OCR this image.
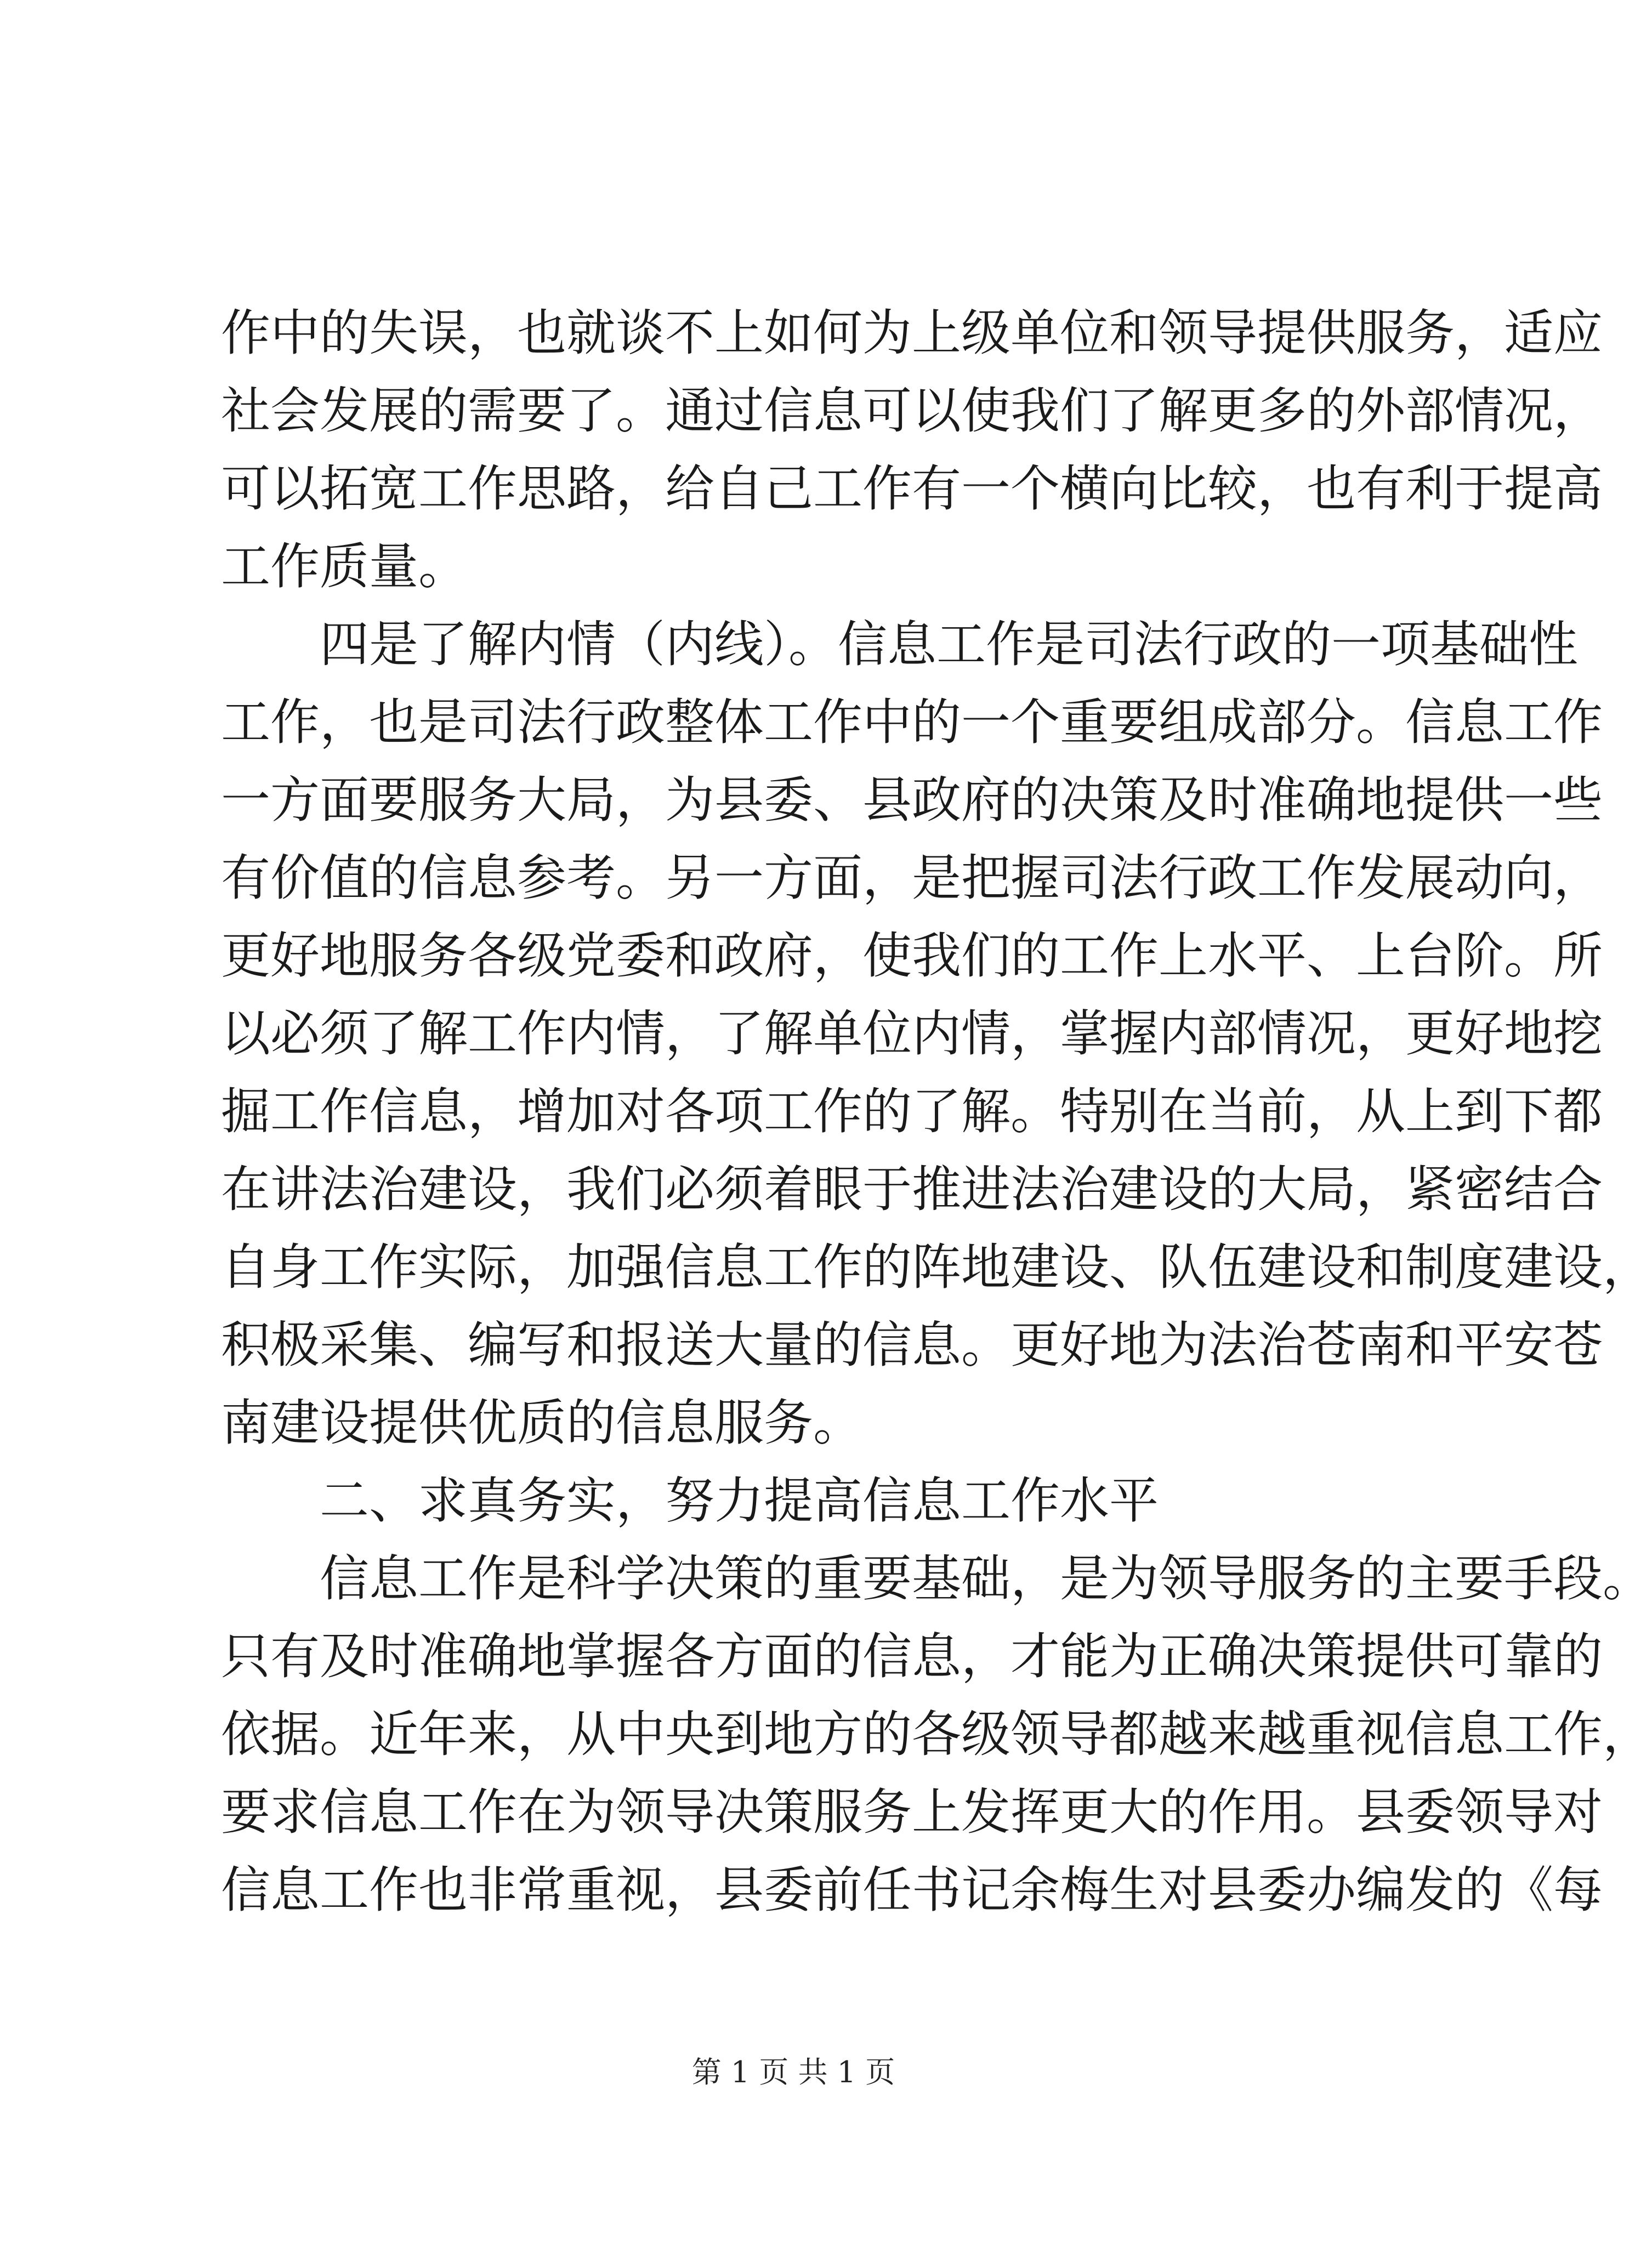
作中的失误，也就谈不上如何为上级单位和领导提供服务，适应
社会发展的需要了。通过信息可以使我们了解更多的外部情况，
可以拓宽工作思路，给自己工作有一个横向比较，也有利于提高
工作质量。
四是了解内情（内线）。信息工作是司法行政的一项基础性
工作，也是司法行政整体工作中的一个重要组成部分。信息工作
一方面要服务大局，为县委、县政府的决策及时准确地提供一些
有价值的信息参考。另一方面，是把握司法行政工作发展动向，
更好地服务各级党委和政府，使我们的工作上水平、上台阶。所
以必须了解工作内情，了解单位内情，掌握内部情况，更好地挖
掘工作信息，增加对各项工作的了解。特别在当前，从上到下都
在讲法治建设，我们必须着眼于推进法治建设的大局，紧密结合
自身工作实际，加强信息工作的阵地建设、队伍建设和制度建设，
积极采集、编写和报送大量的信息。更好地为法治苍南和平安苍
南建设提供优质的信息服务。
二、求真务实，努力提高信息工作水平
信息工作是科学决策的重要基础，是为领导服务的主要手段。
只有及时准确地掌握各方面的信息，才能为正确决策提供可靠的
依据。近年来，从中央到地方的各级领导都越来越重视信息工作，
要求信息工作在为领导决策服务上发挥更大的作用。县委领导对
信息工作也非常重视，县委前任书记余梅生对县委办编发的《每
第 1 页 共 1 页
